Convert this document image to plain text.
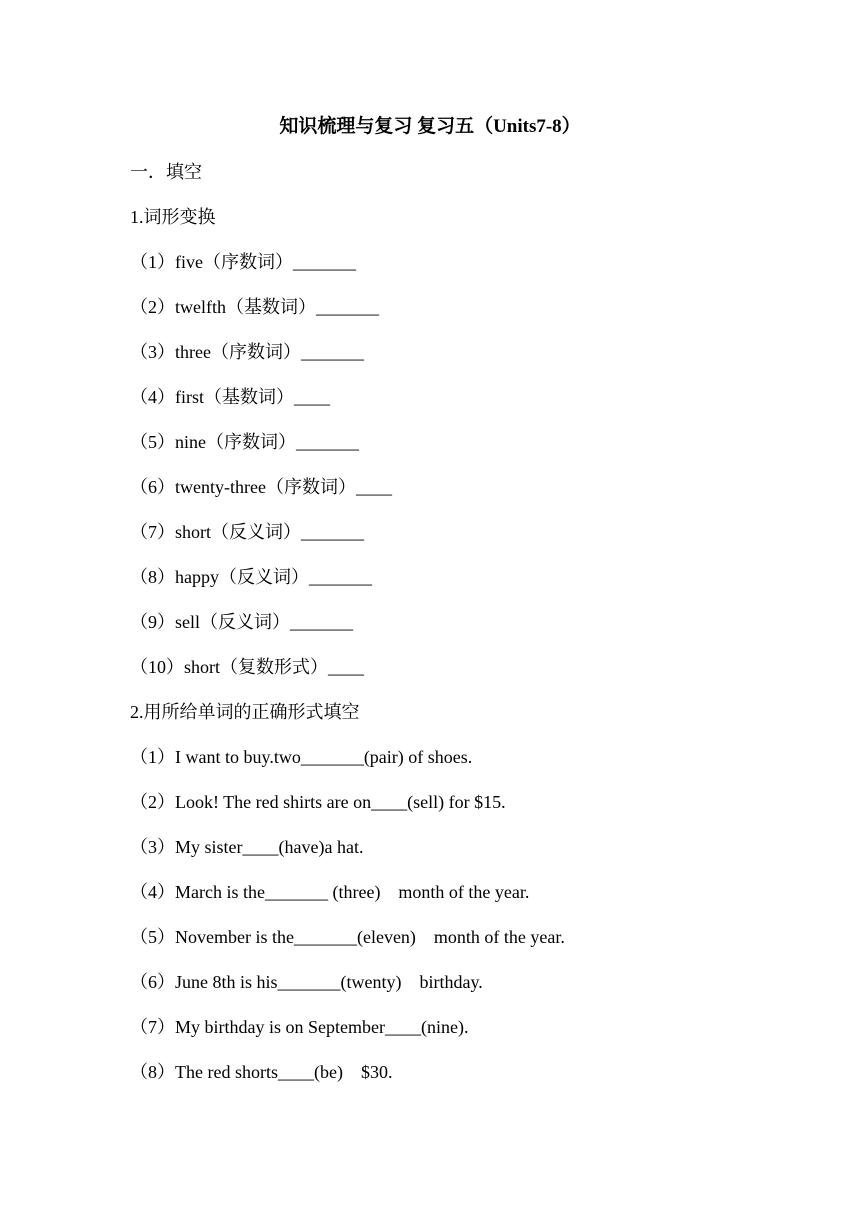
知识梳理与复习 复习五（Units7-8）

一．填空

1.词形变换

（1）five（序数词）_______

（2）twelfth（基数词）_______

（3）three（序数词）_______

（4）first（基数词）____

（5）nine（序数词）_______

（6）twenty-three（序数词）____

（7）short（反义词）_______

（8）happy（反义词）_______

（9）sell（反义词）_______

（10）short（复数形式）____

2.用所给单词的正确形式填空

（1）I want to buy.two_______(pair) of shoes.

（2）Look! The red shirts are on____(sell) for $15.

（3）My sister____(have)a hat.

（4）March is the_______ (three)    month of the year.

（5）November is the_______(eleven)    month of the year.

（6）June 8th is his_______(twenty)    birthday.

（7）My birthday is on September____(nine).

（8）The red shorts____(be)    $30.
